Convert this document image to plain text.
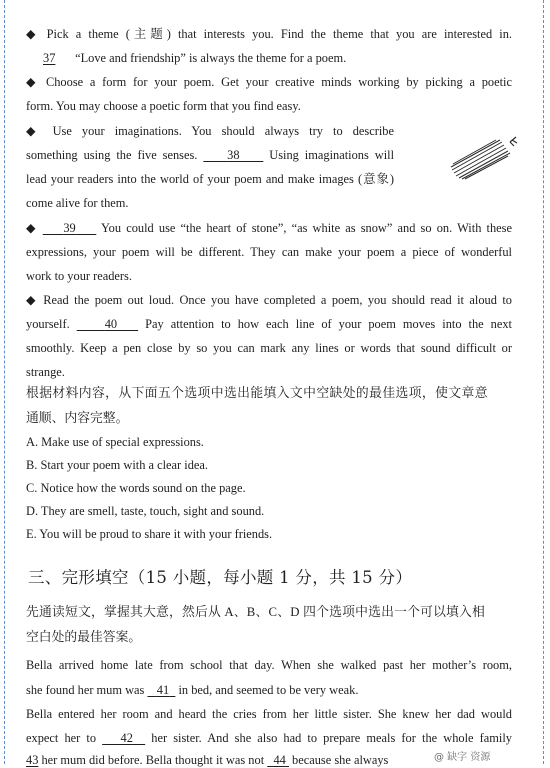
◆ Pick a theme (主题) that interests you. Find the theme that you are interested in.
37 “Love and friendship” is always the theme for a poem.
◆ Choose a form for your poem. Get your creative minds working by picking a poetic
form. You may choose a poetic form that you find easy.
◆ Use your imaginations. You should always try to describe
something using the five senses.     38     Using imaginations will
lead your readers into the world of your poem and make images (意象)
come alive for them.
◆     39     You could use “the heart of stone”, “as white as snow” and so on. With these
expressions, your poem will be different. They can make your poem a piece of wonderful
work to your readers.
◆ Read the poem out loud. Once you have completed a poem, you should read it aloud to
yourself.     40    Pay attention to how each line of your poem moves into the next
smoothly. Keep a pen close by so you can mark any lines or words that sound difficult or
strange.
根据材料内容，从下面五个选项中选出能填入文中空缺处的最佳选项，使文章意
通顺、内容完整。
A. Make use of special expressions.
B. Start your poem with a clear idea.
C. Notice how the words sound on the page.
D. They are smell, taste, touch, sight and sound.
E. You will be proud to share it with your friends.
三、完形填空（15 小题，每小题 1 分，共 15 分）
先通读短文，掌握其大意，然后从 A、B、C、D 四个选项中选出一个可以填入相
空白处的最佳答案。
Bella arrived home late from school that day. When she walked past her mother’s room,
she found her mum was    41   in bed, and seemed to be very weak.
Bella entered her room and heard the cries from her little sister. She knew her dad would
expect her to    42   her sister. And she also had to prepare meals for the whole family
43 her mum did before. Bella thought it was not   44  because she always	@ 缺字 资源
